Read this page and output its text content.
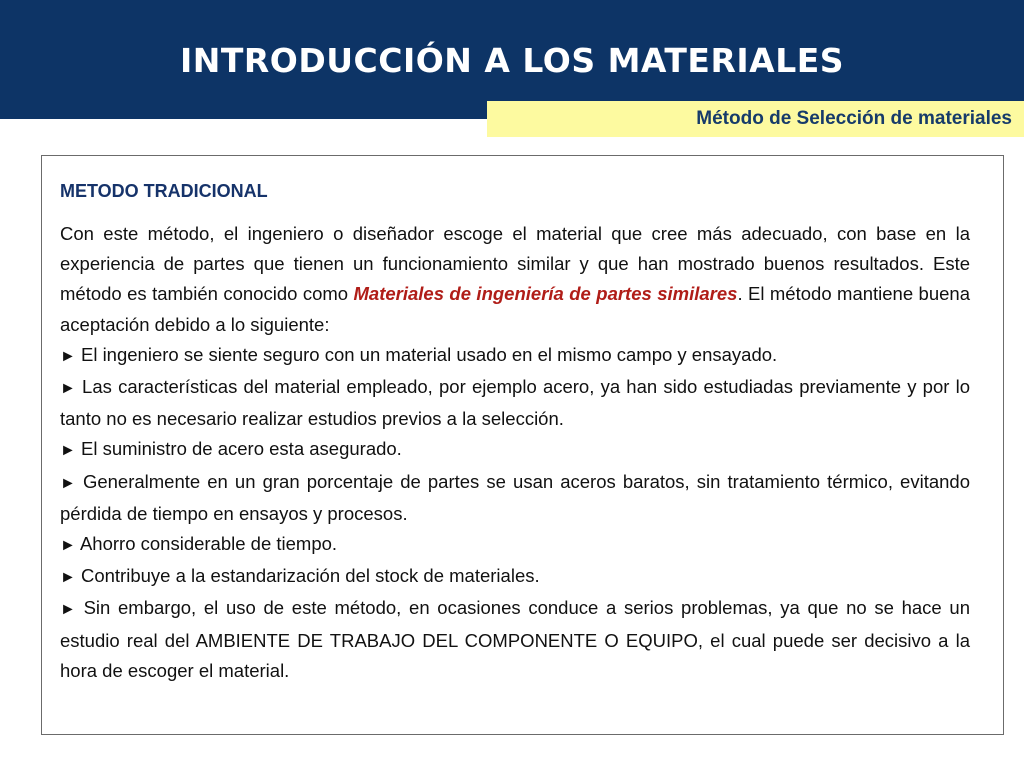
INTRODUCCIÓN A LOS MATERIALES
Método de Selección de materiales
METODO TRADICIONAL

Con este método, el ingeniero o diseñador escoge el material que cree más adecuado, con base en la experiencia de partes que tienen un funcionamiento similar y que han mostrado buenos resultados. Este método es también conocido como Materiales de ingeniería de partes similares. El método mantiene buena aceptación debido a lo siguiente:

► El ingeniero se siente seguro con un material usado en el mismo campo y ensayado.

► Las características del material empleado, por ejemplo acero, ya han sido estudiadas previamente y por lo tanto no es necesario realizar estudios previos a la selección.

► El suministro de acero esta asegurado.

► Generalmente en un gran porcentaje de partes se usan aceros baratos, sin tratamiento térmico, evitando pérdida de tiempo en ensayos y procesos.

► Ahorro considerable de tiempo.

► Contribuye a la estandarización del stock de materiales.

► Sin embargo, el uso de este método, en ocasiones conduce a serios problemas, ya que no se hace un estudio real del AMBIENTE DE TRABAJO DEL COMPONENTE O EQUIPO, el cual puede ser decisivo a la hora de escoger el material.
